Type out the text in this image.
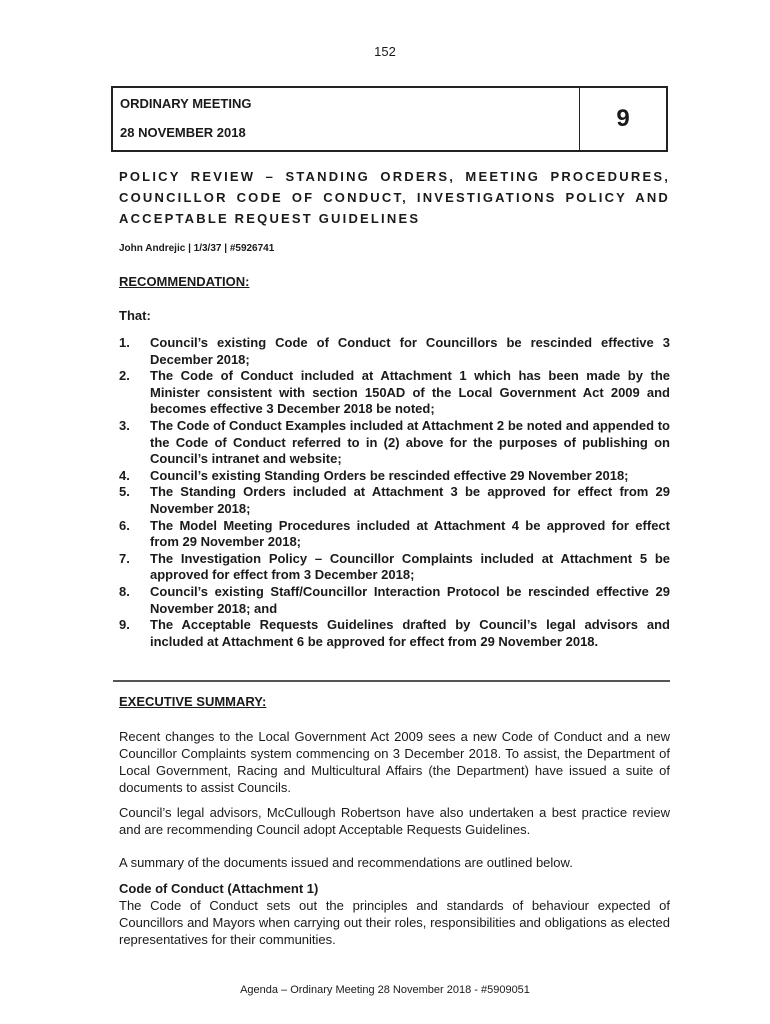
152
ORDINARY MEETING
28 NOVEMBER 2018
9
POLICY REVIEW – STANDING ORDERS, MEETING PROCEDURES, COUNCILLOR CODE OF CONDUCT, INVESTIGATIONS POLICY AND ACCEPTABLE REQUEST GUIDELINES
John Andrejic | 1/3/37 | #5926741
RECOMMENDATION:
That:
1.	Council’s existing Code of Conduct for Councillors be rescinded effective 3 December 2018;
2.	The Code of Conduct included at Attachment 1 which has been made by the Minister consistent with section 150AD of the Local Government Act 2009 and becomes effective 3 December 2018 be noted;
3.	The Code of Conduct Examples included at Attachment 2 be noted and appended to the Code of Conduct referred to in (2) above for the purposes of publishing on Council’s intranet and website;
4.	Council’s existing Standing Orders be rescinded effective 29 November 2018;
5.	The Standing Orders included at Attachment 3 be approved for effect from 29 November 2018;
6.	The Model Meeting Procedures included at Attachment 4 be approved for effect from 29 November 2018;
7.	The Investigation Policy – Councillor Complaints included at Attachment 5 be approved for effect from 3 December 2018;
8.	Council’s existing Staff/Councillor Interaction Protocol be rescinded effective 29 November 2018; and
9.	The Acceptable Requests Guidelines drafted by Council’s legal advisors and included at Attachment 6 be approved for effect from 29 November 2018.
EXECUTIVE SUMMARY:
Recent changes to the Local Government Act 2009 sees a new Code of Conduct and a new Councillor Complaints system commencing on 3 December 2018. To assist, the Department of Local Government, Racing and Multicultural Affairs (the Department) have issued a suite of documents to assist Councils.
Council’s legal advisors, McCullough Robertson have also undertaken a best practice review and are recommending Council adopt Acceptable Requests Guidelines.
A summary of the documents issued and recommendations are outlined below.
Code of Conduct (Attachment 1)
The Code of Conduct sets out the principles and standards of behaviour expected of Councillors and Mayors when carrying out their roles, responsibilities and obligations as elected representatives for their communities.
Agenda – Ordinary Meeting 28 November 2018 - #5909051
